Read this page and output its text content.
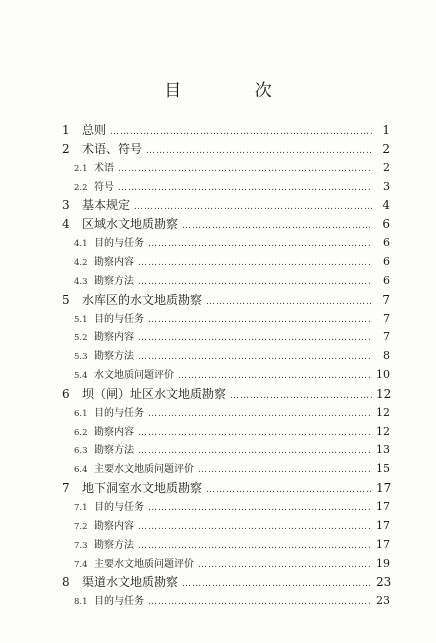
目 次
1	总则 ……………………………………………………………………………………………………………………………………………………………………	1
2	术语、符号 ……………………………………………………………………………………………………………………………………………………………………	2
2.1 术语 ……………………………………………………………………………………………………………………………………………………………………	2
2.2 符号 ……………………………………………………………………………………………………………………………………………………………………	3
3	基本规定 ……………………………………………………………………………………………………………………………………………………………………	4
4	区域水文地质勘察 ……………………………………………………………………………………………………………………………………………………………………	6
4.1 目的与任务 ……………………………………………………………………………………………………………………………………………………………………	6
4.2 勘察内容 ……………………………………………………………………………………………………………………………………………………………………	6
4.3 勘察方法 ……………………………………………………………………………………………………………………………………………………………………	6
5	水库区的水文地质勘察 ……………………………………………………………………………………………………………………………………………………………………	7
5.1 目的与任务 ……………………………………………………………………………………………………………………………………………………………………	7
5.2 勘察内容 ……………………………………………………………………………………………………………………………………………………………………	7
5.3 勘察方法 ……………………………………………………………………………………………………………………………………………………………………	8
5.4 水文地质问题评价 ……………………………………………………………………………………………………………………………………………………………………	10
6	坝（闸）址区水文地质勘察 ……………………………………………………………………………………………………………………………………………………………………	12
6.1 目的与任务 ……………………………………………………………………………………………………………………………………………………………………	12
6.2 勘察内容 ……………………………………………………………………………………………………………………………………………………………………	12
6.3 勘察方法 ……………………………………………………………………………………………………………………………………………………………………	13
6.4 主要水文地质问题评价 ……………………………………………………………………………………………………………………………………………………………………	15
7	地下洞室水文地质勘察 ……………………………………………………………………………………………………………………………………………………………………	17
7.1 目的与任务 ……………………………………………………………………………………………………………………………………………………………………	17
7.2 勘察内容 ……………………………………………………………………………………………………………………………………………………………………	17
7.3 勘察方法 ……………………………………………………………………………………………………………………………………………………………………	17
7.4 主要水文地质问题评价 ……………………………………………………………………………………………………………………………………………………………………	19
8	渠道水文地质勘察 ……………………………………………………………………………………………………………………………………………………………………	23
8.1 目的与任务 ……………………………………………………………………………………………………………………………………………………………………	23
